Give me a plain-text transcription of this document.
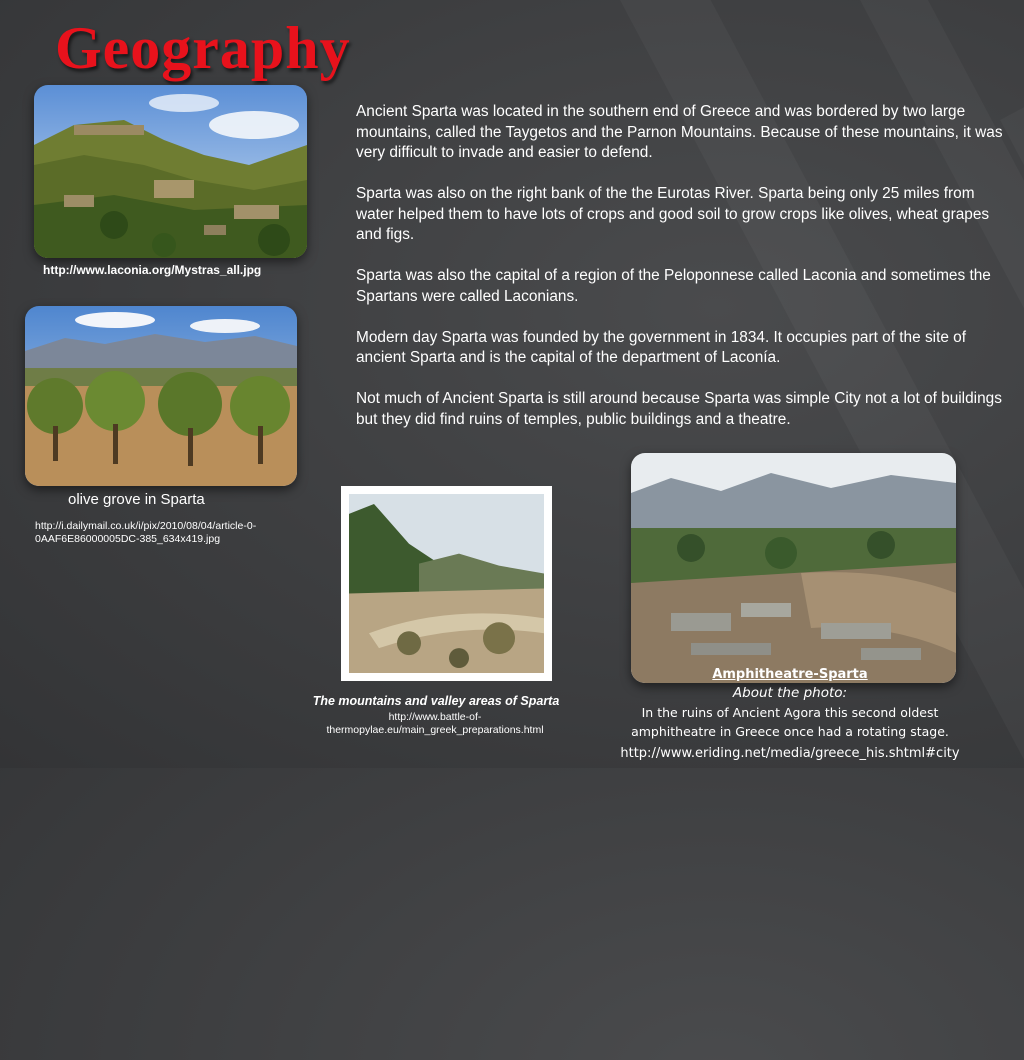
Geography
http://www.laconia.org/Mystras_all.jpg
olive grove in Sparta
http://i.dailymail.co.uk/i/pix/2010/08/04/article-0-0AAF6E86000005DC-385_634x419.jpg
The mountains and valley areas of Sparta
http://www.battle-of-thermopylae.eu/main_greek_preparations.html
Amphitheatre-Sparta
About the photo:
In the ruins of Ancient Agora this second oldest
amphitheatre in Greece once had a rotating stage.
http://www.eriding.net/media/greece_his.shtml#city

Ancient Sparta was located in the southern end of Greece and was bordered by two large mountains, called the Taygetos and the Parnon Mountains. Because of these mountains, it was very difficult to invade and easier to defend.

Sparta was also on the right bank of the the Eurotas River. Sparta being only 25 miles from water helped them to have lots of crops and good soil to grow crops like olives, wheat grapes and figs.

Sparta was also the capital of a region of the Peloponnese called Laconia and sometimes the Spartans were called Laconians.

Modern day Sparta was founded by the government in 1834. It occupies part of the site of ancient Sparta and is the capital of the department of Laconía.

Not much of Ancient Sparta is still around because Sparta was simple City not a lot of buildings but they did find ruins of temples, public buildings and a theatre.
